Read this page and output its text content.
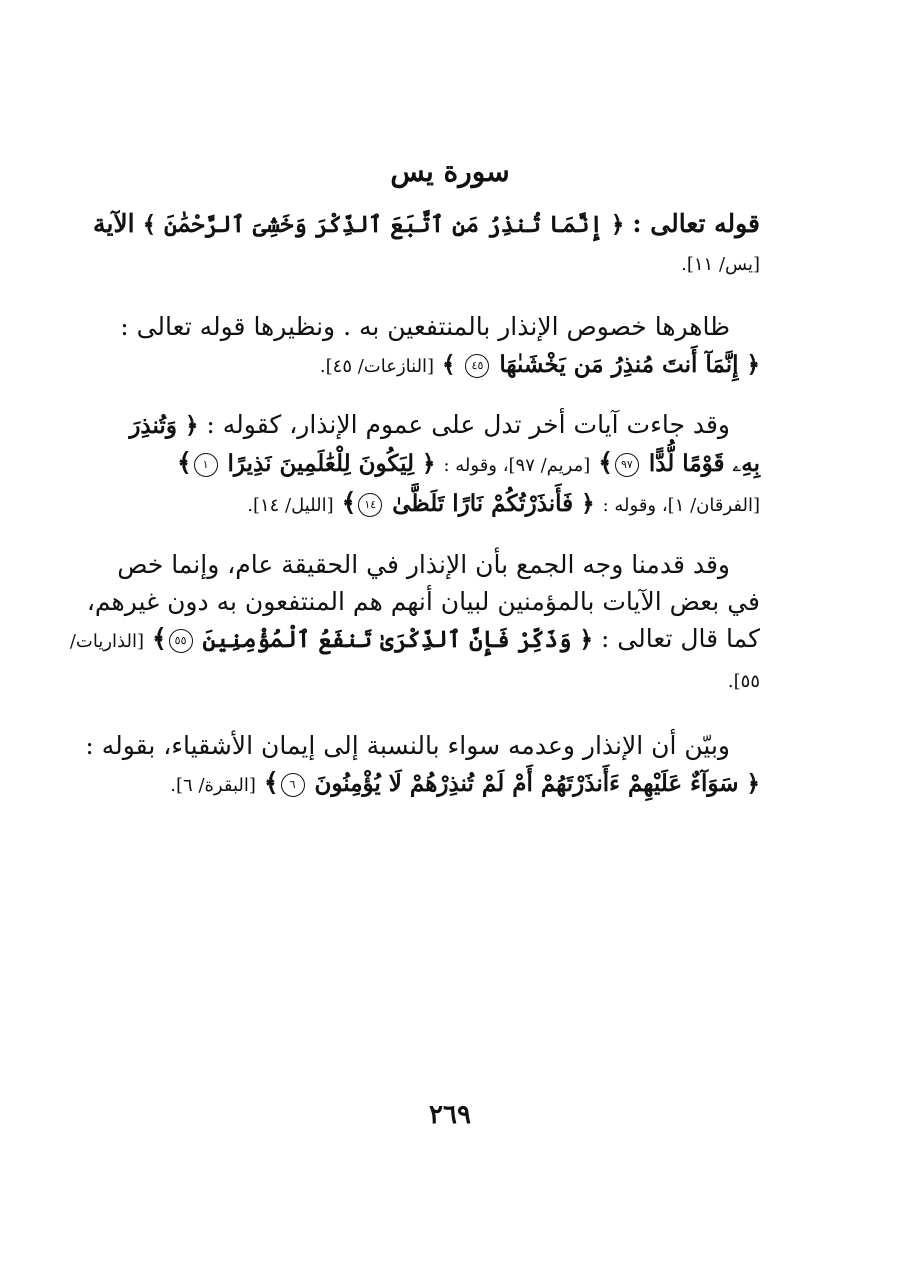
سورة يس
قوله تعالى : ﴿ إِنَّمَا تُنذِرُ مَنِ ٱتَّبَعَ ٱلذِّكْرَ وَخَشِىَ ٱلرَّحْمَٰنَ ﴾ الآية
[يس/ ١١].
ظاهرها خصوص الإنذار بالمنتفعين به . ونظيرها قوله تعالى :
﴿ إِنَّمَآ أَنتَ مُنذِرُ مَن يَخْشَىٰهَا ٤٥ ﴾ [النازعات/ ٤٥].
وقد جاءت آيات أخر تدل على عموم الإنذار، كقوله : ﴿ وَتُنذِرَ
بِهِۦ قَوْمًا لُّدًّا ٩٧﴾ [مريم/ ٩٧]، وقوله : ﴿ لِيَكُونَ لِلْعَٰلَمِينَ نَذِيرًا ١﴾
[الفرقان/ ١]، وقوله : ﴿ فَأَنذَرْتُكُمْ نَارًا تَلَظَّىٰ ١٤﴾ [الليل/ ١٤].
وقد قدمنا وجه الجمع بأن الإنذار في الحقيقة عام، وإنما خص
في بعض الآيات بالمؤمنين لبيان أنهم هم المنتفعون به دون غيرهم،
كما قال تعالى : ﴿ وَذَكِّرْ فَإِنَّ ٱلذِّكْرَىٰ تَنفَعُ ٱلْمُؤْمِنِينَ ٥٥﴾ [الذاريات/
٥٥].
وبيّن أن الإنذار وعدمه سواء بالنسبة إلى إيمان الأشقياء، بقوله :
﴿ سَوَآءٌ عَلَيْهِمْ ءَأَنذَرْتَهُمْ أَمْ لَمْ تُنذِرْهُمْ لَا يُؤْمِنُونَ ٦﴾ [البقرة/ ٦].
٢٦٩
